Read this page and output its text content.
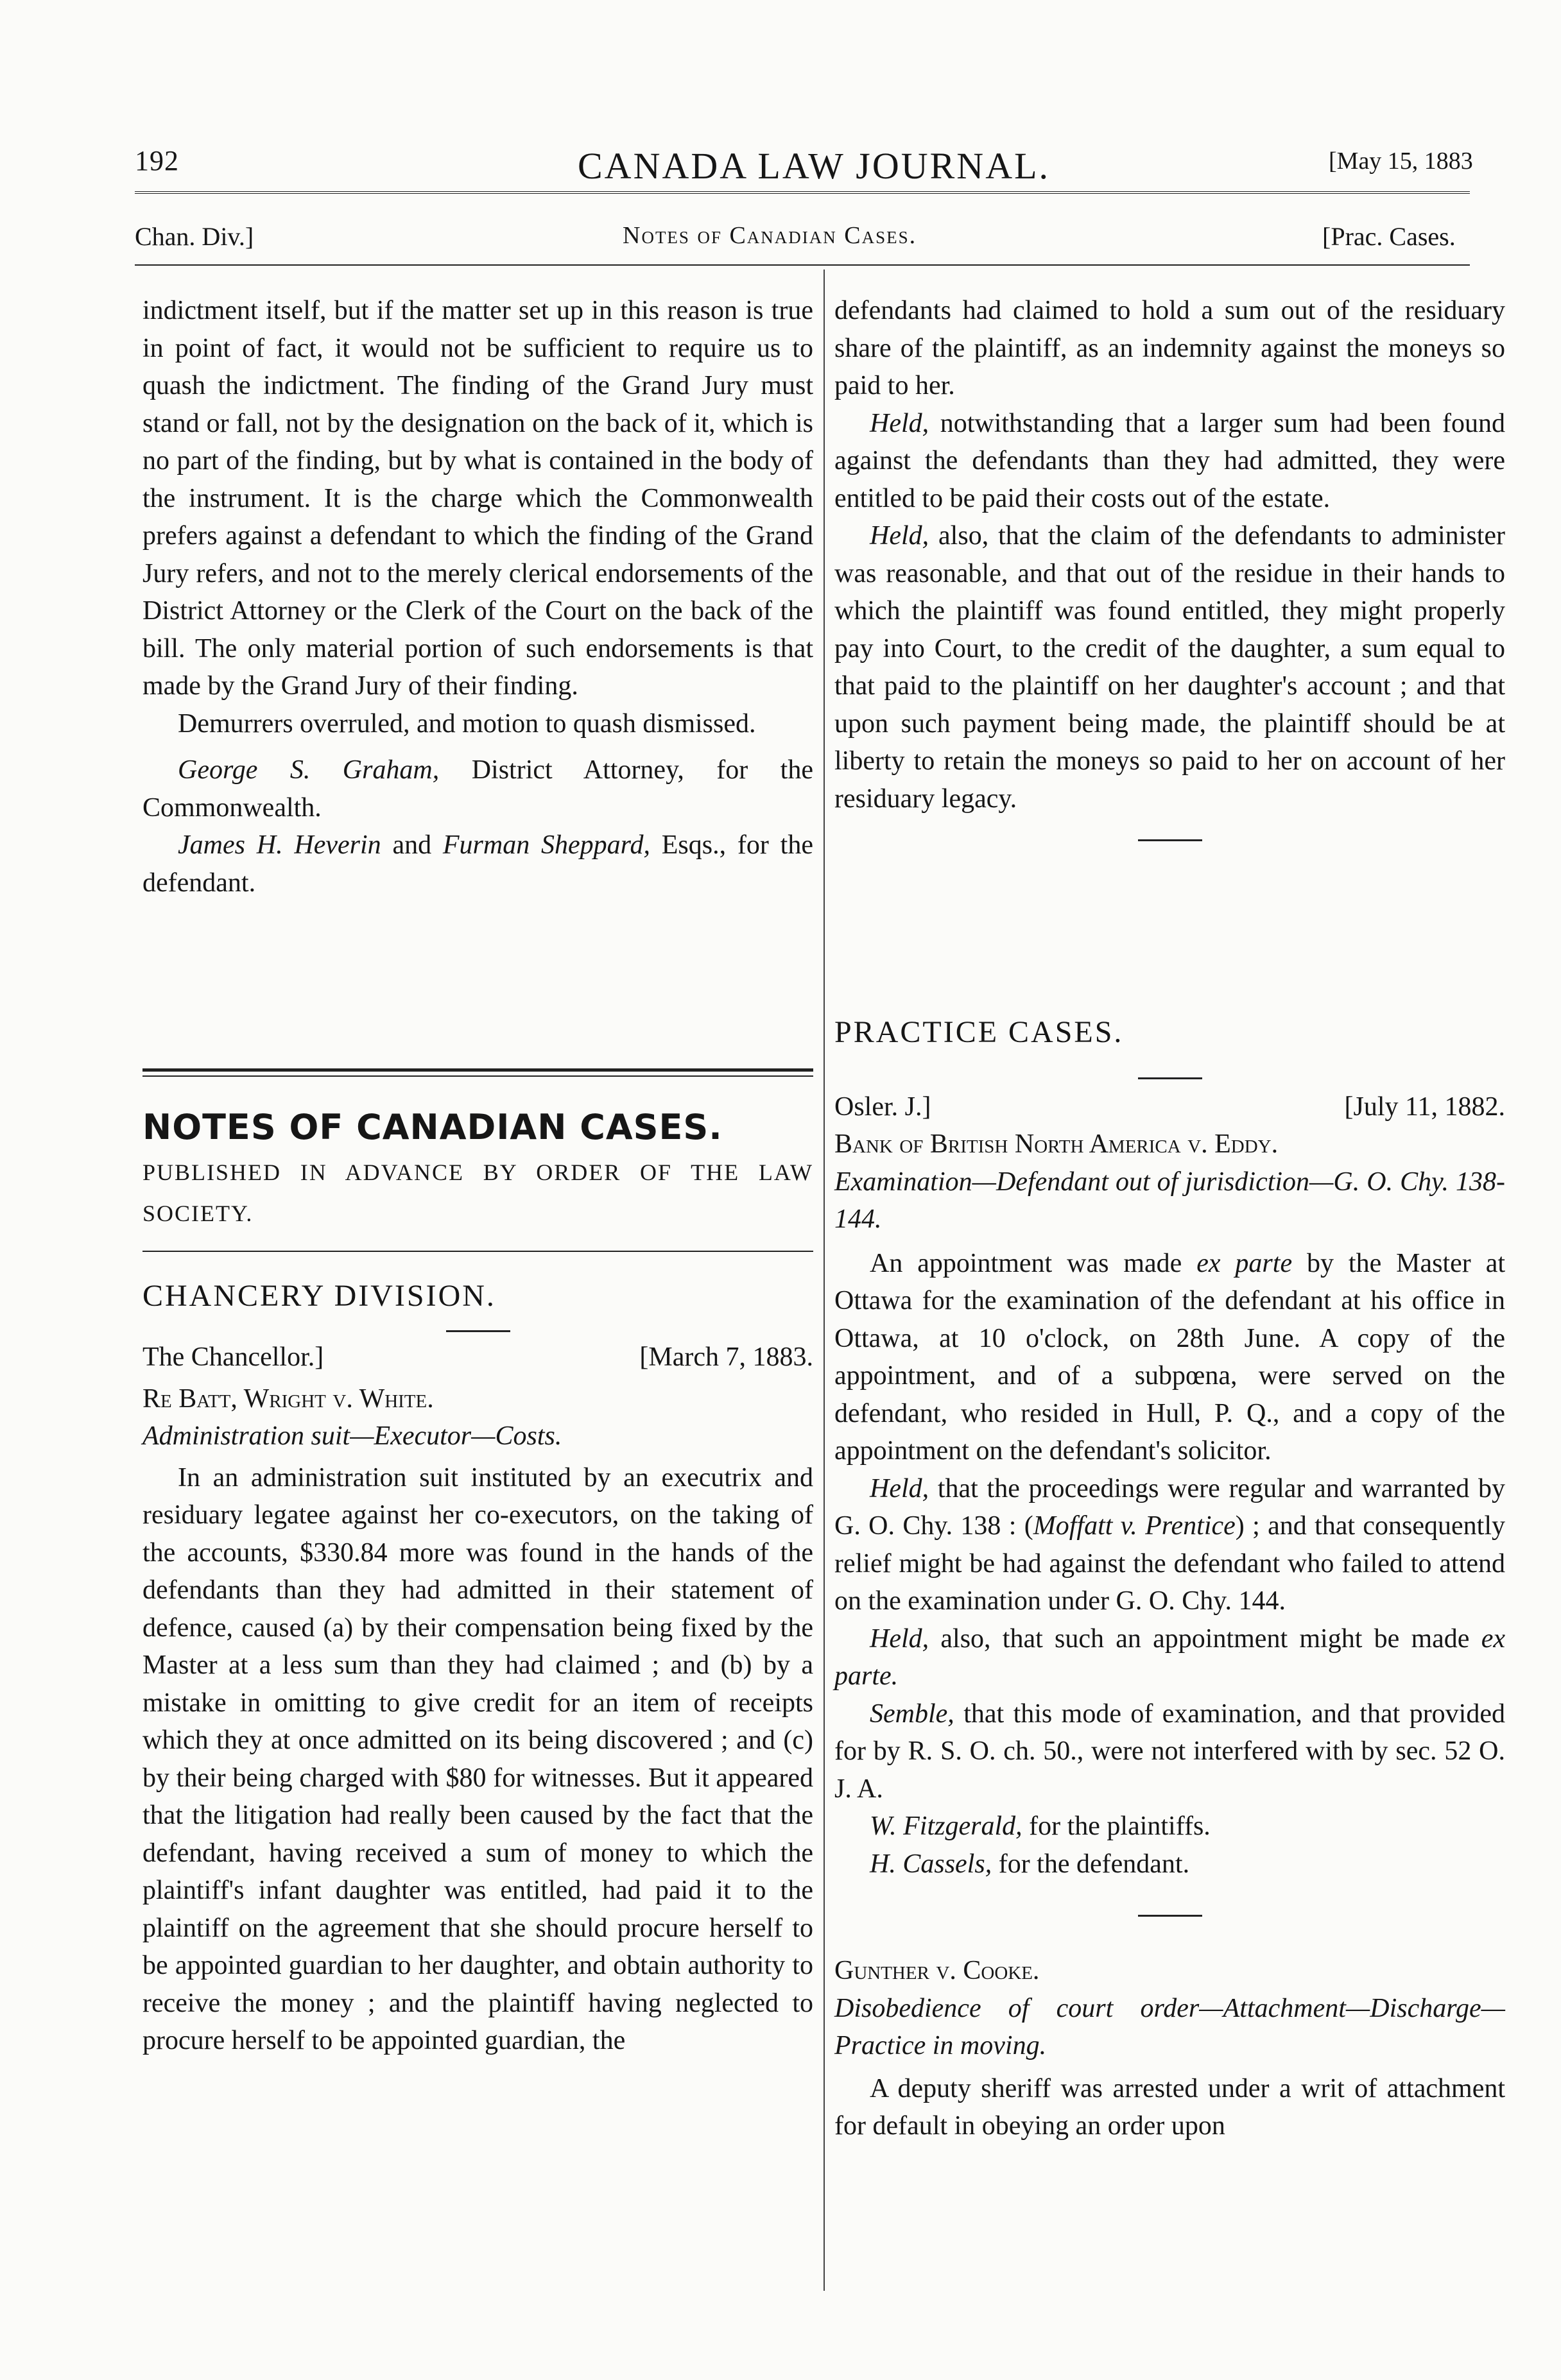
192	CANADA LAW JOURNAL.	[May 15, 1883
Chan. Div.]	Notes of Canadian Cases.	[Prac. Cases.

indictment itself, but if the matter set up in this reason is true in point of fact, it would not be sufficient to require us to quash the indictment. The finding of the Grand Jury must stand or fall, not by the designation on the back of it, which is no part of the finding, but by what is contained in the body of the instrument. It is the charge which the Commonwealth prefers against a defendant to which the finding of the Grand Jury refers, and not to the merely clerical endorsements of the District Attorney or the Clerk of the Court on the back of the bill. The only material portion of such endorsements is that made by the Grand Jury of their finding.

Demurrers overruled, and motion to quash dismissed.

George S. Graham, District Attorney, for the Commonwealth.

James H. Heverin and Furman Sheppard, Esqs., for the defendant.

NOTES OF CANADIAN CASES.

PUBLISHED IN ADVANCE BY ORDER OF THE LAW SOCIETY.

CHANCERY DIVISION.

The Chancellor.]	[March 7, 1883.

Re Batt, Wright v. White.

Administration suit—Executor—Costs.

In an administration suit instituted by an executrix and residuary legatee against her co-executors, on the taking of the accounts, $330.84 more was found in the hands of the defendants than they had admitted in their statement of defence, caused (a) by their compensation being fixed by the Master at a less sum than they had claimed ; and (b) by a mistake in omitting to give credit for an item of receipts which they at once admitted on its being discovered ; and (c) by their being charged with $80 for witnesses. But it appeared that the litigation had really been caused by the fact that the defendant, having received a sum of money to which the plaintiff's infant daughter was entitled, had paid it to the plaintiff on the agreement that she should procure herself to be appointed guardian to her daughter, and obtain authority to receive the money ; and the plaintiff having neglected to procure herself to be appointed guardian, the

defendants had claimed to hold a sum out of the residuary share of the plaintiff, as an indemnity against the moneys so paid to her.

Held, notwithstanding that a larger sum had been found against the defendants than they had admitted, they were entitled to be paid their costs out of the estate.

Held, also, that the claim of the defendants to administer was reasonable, and that out of the residue in their hands to which the plaintiff was found entitled, they might properly pay into Court, to the credit of the daughter, a sum equal to that paid to the plaintiff on her daughter's account ; and that upon such payment being made, the plaintiff should be at liberty to retain the moneys so paid to her on account of her residuary legacy.

PRACTICE CASES.

Osler. J.]	[July 11, 1882.

Bank of British North America v. Eddy.

Examination—Defendant out of jurisdiction—G. O. Chy. 138-144.

An appointment was made ex parte by the Master at Ottawa for the examination of the defendant at his office in Ottawa, at 10 o'clock, on 28th June. A copy of the appointment, and of a subpœna, were served on the defendant, who resided in Hull, P. Q., and a copy of the appointment on the defendant's solicitor.

Held, that the proceedings were regular and warranted by G. O. Chy. 138 : (Moffatt v. Prentice) ; and that consequently relief might be had against the defendant who failed to attend on the examination under G. O. Chy. 144.

Held, also, that such an appointment might be made ex parte.

Semble, that this mode of examination, and that provided for by R. S. O. ch. 50., were not interfered with by sec. 52 O. J. A.

W. Fitzgerald, for the plaintiffs.

H. Cassels, for the defendant.

Gunther v. Cooke.

Disobedience of court order—Attachment—Discharge—Practice in moving.

A deputy sheriff was arrested under a writ of attachment for default in obeying an order upon
